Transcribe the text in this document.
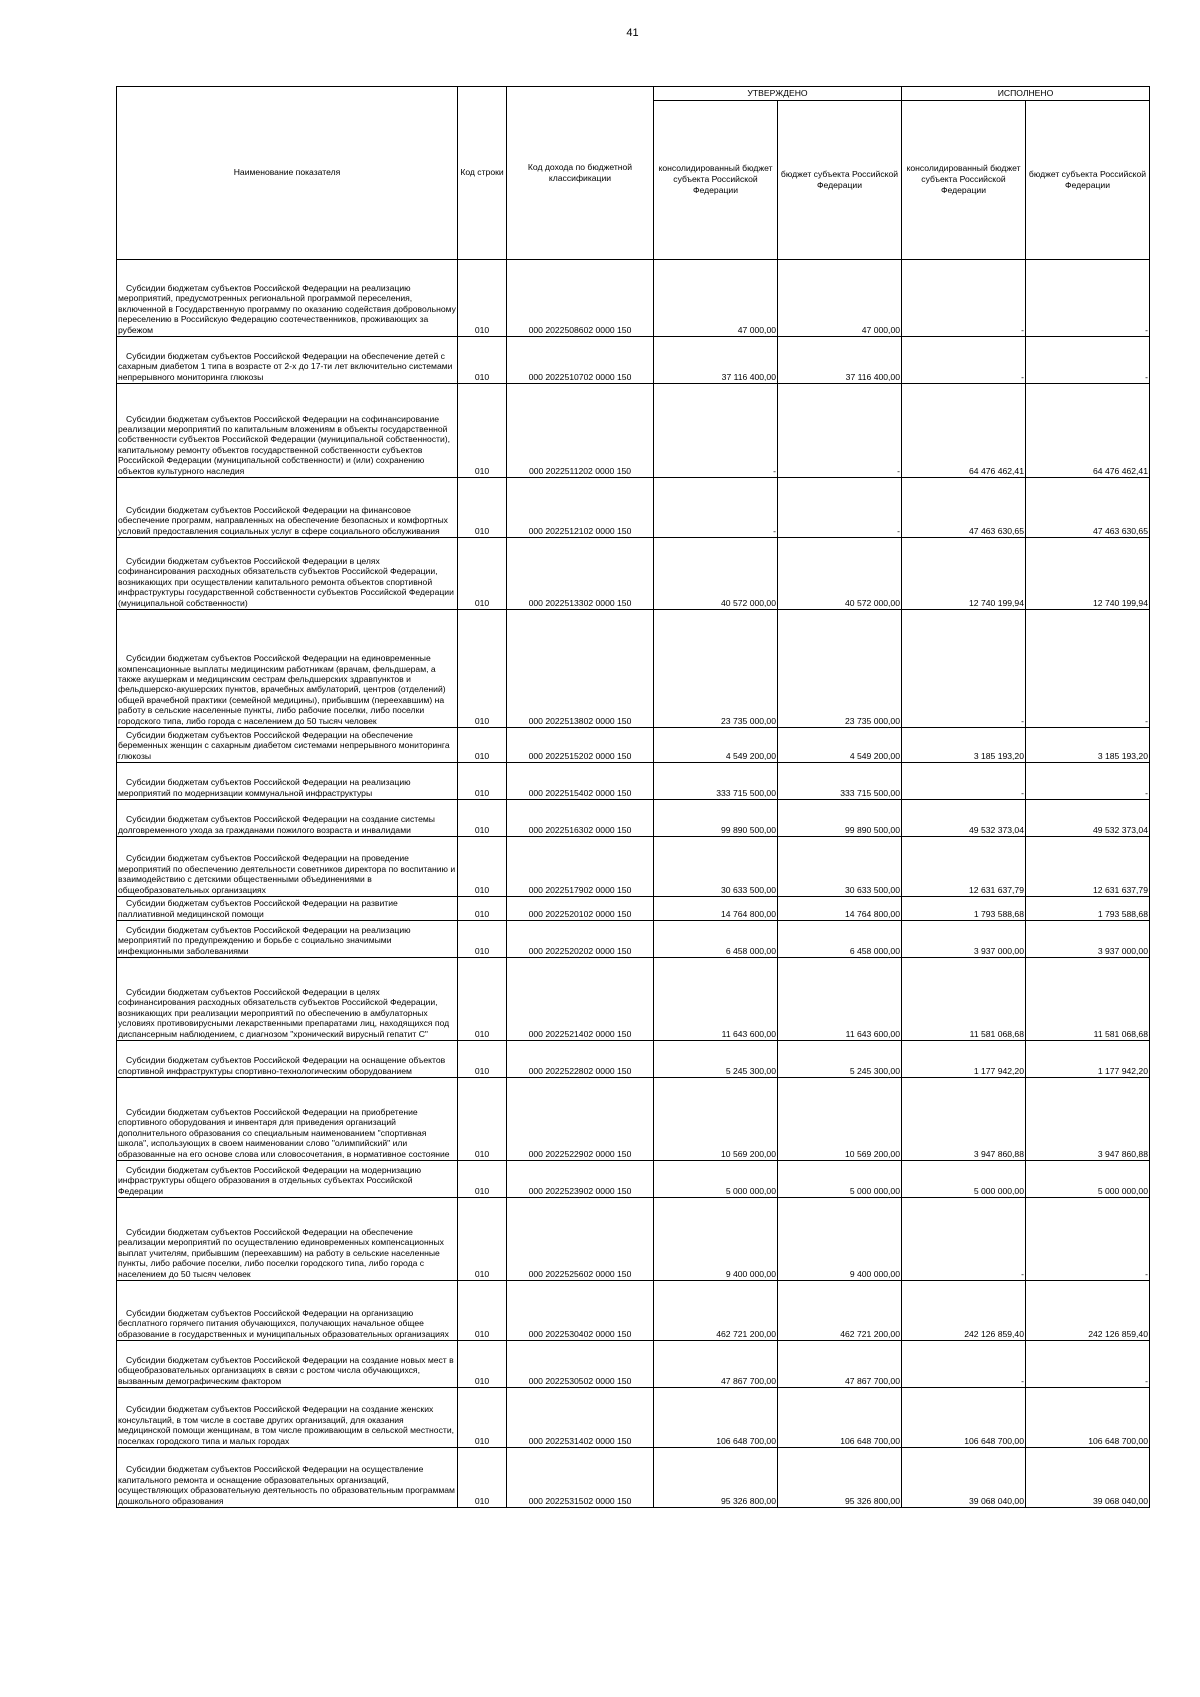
41
Наименование показателя	Код строки	Код дохода по бюджетной классификации	УТВЕРЖДЕНО		ИСПОЛНЕНО	
			консолидированный бюджет субъекта Российской Федерации	бюджет субъекта Российской Федерации	консолидированный бюджет субъекта Российской Федерации	бюджет субъекта Российской Федерации
Субсидии бюджетам субъектов Российской Федерации на реализацию мероприятий, предусмотренных региональной программой переселения, включенной в Государственную программу по оказанию содействия добровольному переселению в Российскую Федерацию соотечественников, проживающих за рубежом	010	000 2022508602 0000 150	47 000,00	47 000,00	-	-
Субсидии бюджетам субъектов Российской Федерации на обеспечение детей с сахарным диабетом 1 типа в возрасте от 2-х до 17-ти лет включительно системами непрерывного мониторинга глюкозы	010	000 2022510702 0000 150	37 116 400,00	37 116 400,00	-	-
Субсидии бюджетам субъектов Российской Федерации на софинансирование реализации мероприятий по капитальным вложениям в объекты государственной собственности субъектов Российской Федерации (муниципальной собственности), капитальному ремонту объектов государственной собственности субъектов Российской Федерации (муниципальной собственности) и (или) сохранению объектов культурного наследия	010	000 2022511202 0000 150	-	-	64 476 462,41	64 476 462,41
Субсидии бюджетам субъектов Российской Федерации на финансовое обеспечение программ, направленных на обеспечение безопасных и комфортных условий предоставления социальных услуг в сфере социального обслуживания	010	000 2022512102 0000 150	-	-	47 463 630,65	47 463 630,65
Субсидии бюджетам субъектов Российской Федерации в целях софинансирования расходных обязательств субъектов Российской Федерации, возникающих при осуществлении капитального ремонта объектов спортивной инфраструктуры государственной собственности субъектов Российской Федерации (муниципальной собственности)	010	000 2022513302 0000 150	40 572 000,00	40 572 000,00	12 740 199,94	12 740 199,94
Субсидии бюджетам субъектов Российской Федерации на единовременные компенсационные выплаты медицинским работникам (врачам, фельдшерам, а также акушеркам и медицинским сестрам фельдшерских здравпунктов и фельдшерско-акушерских пунктов, врачебных амбулаторий, центров (отделений) общей врачебной практики (семейной медицины), прибывшим (переехавшим) на работу в сельские населенные пункты, либо рабочие поселки, либо поселки городского типа, либо города с населением до 50 тысяч человек	010	000 2022513802 0000 150	23 735 000,00	23 735 000,00	-	-
Субсидии бюджетам субъектов Российской Федерации на обеспечение беременных женщин с сахарным диабетом системами непрерывного мониторинга глюкозы	010	000 2022515202 0000 150	4 549 200,00	4 549 200,00	3 185 193,20	3 185 193,20
Субсидии бюджетам субъектов Российской Федерации на реализацию мероприятий по модернизации коммунальной инфраструктуры	010	000 2022515402 0000 150	333 715 500,00	333 715 500,00	-	-
Субсидии бюджетам субъектов Российской Федерации на создание системы долговременного ухода за гражданами пожилого возраста и инвалидами	010	000 2022516302 0000 150	99 890 500,00	99 890 500,00	49 532 373,04	49 532 373,04
Субсидии бюджетам субъектов Российской Федерации на проведение мероприятий по обеспечению деятельности советников директора по воспитанию и взаимодействию с детскими общественными объединениями в общеобразовательных организациях	010	000 2022517902 0000 150	30 633 500,00	30 633 500,00	12 631 637,79	12 631 637,79
Субсидии бюджетам субъектов Российской Федерации на развитие паллиативной медицинской помощи	010	000 2022520102 0000 150	14 764 800,00	14 764 800,00	1 793 588,68	1 793 588,68
Субсидии бюджетам субъектов Российской Федерации на реализацию мероприятий по предупреждению и борьбе с социально значимыми инфекционными заболеваниями	010	000 2022520202 0000 150	6 458 000,00	6 458 000,00	3 937 000,00	3 937 000,00
Субсидии бюджетам субъектов Российской Федерации в целях софинансирования расходных обязательств субъектов Российской Федерации, возникающих при реализации мероприятий по обеспечению в амбулаторных условиях противовирусными лекарственными препаратами лиц, находящихся под диспансерным наблюдением, с диагнозом "хронический вирусный гепатит С"	010	000 2022521402 0000 150	11 643 600,00	11 643 600,00	11 581 068,68	11 581 068,68
Субсидии бюджетам субъектов Российской Федерации на оснащение объектов спортивной инфраструктуры спортивно-технологическим оборудованием	010	000 2022522802 0000 150	5 245 300,00	5 245 300,00	1 177 942,20	1 177 942,20
Субсидии бюджетам субъектов Российской Федерации на приобретение спортивного оборудования и инвентаря для приведения организаций дополнительного образования со специальным наименованием "спортивная школа", использующих в своем наименовании слово "олимпийский" или образованные на его основе слова или словосочетания, в нормативное состояние	010	000 2022522902 0000 150	10 569 200,00	10 569 200,00	3 947 860,88	3 947 860,88
Субсидии бюджетам субъектов Российской Федерации на модернизацию инфраструктуры общего образования в отдельных субъектах Российской Федерации	010	000 2022523902 0000 150	5 000 000,00	5 000 000,00	5 000 000,00	5 000 000,00
Субсидии бюджетам субъектов Российской Федерации на обеспечение реализации мероприятий по осуществлению единовременных компенсационных выплат учителям, прибывшим (переехавшим) на работу в сельские населенные пункты, либо рабочие поселки, либо поселки городского типа, либо города с населением до 50 тысяч человек	010	000 2022525602 0000 150	9 400 000,00	9 400 000,00	-	-
Субсидии бюджетам субъектов Российской Федерации на организацию бесплатного горячего питания обучающихся, получающих начальное общее образование в государственных и муниципальных образовательных организациях	010	000 2022530402 0000 150	462 721 200,00	462 721 200,00	242 126 859,40	242 126 859,40
Субсидии бюджетам субъектов Российской Федерации на создание новых мест в общеобразовательных организациях в связи с ростом числа обучающихся, вызванным демографическим фактором	010	000 2022530502 0000 150	47 867 700,00	47 867 700,00	-	-
Субсидии бюджетам субъектов Российской Федерации на создание женских консультаций, в том числе в составе других организаций, для оказания медицинской помощи женщинам, в том числе проживающим в сельской местности, поселках городского типа и малых городах	010	000 2022531402 0000 150	106 648 700,00	106 648 700,00	106 648 700,00	106 648 700,00
Субсидии бюджетам субъектов Российской Федерации на осуществление капитального ремонта и оснащение образовательных организаций, осуществляющих образовательную деятельность по образовательным программам дошкольного образования	010	000 2022531502 0000 150	95 326 800,00	95 326 800,00	39 068 040,00	39 068 040,00
